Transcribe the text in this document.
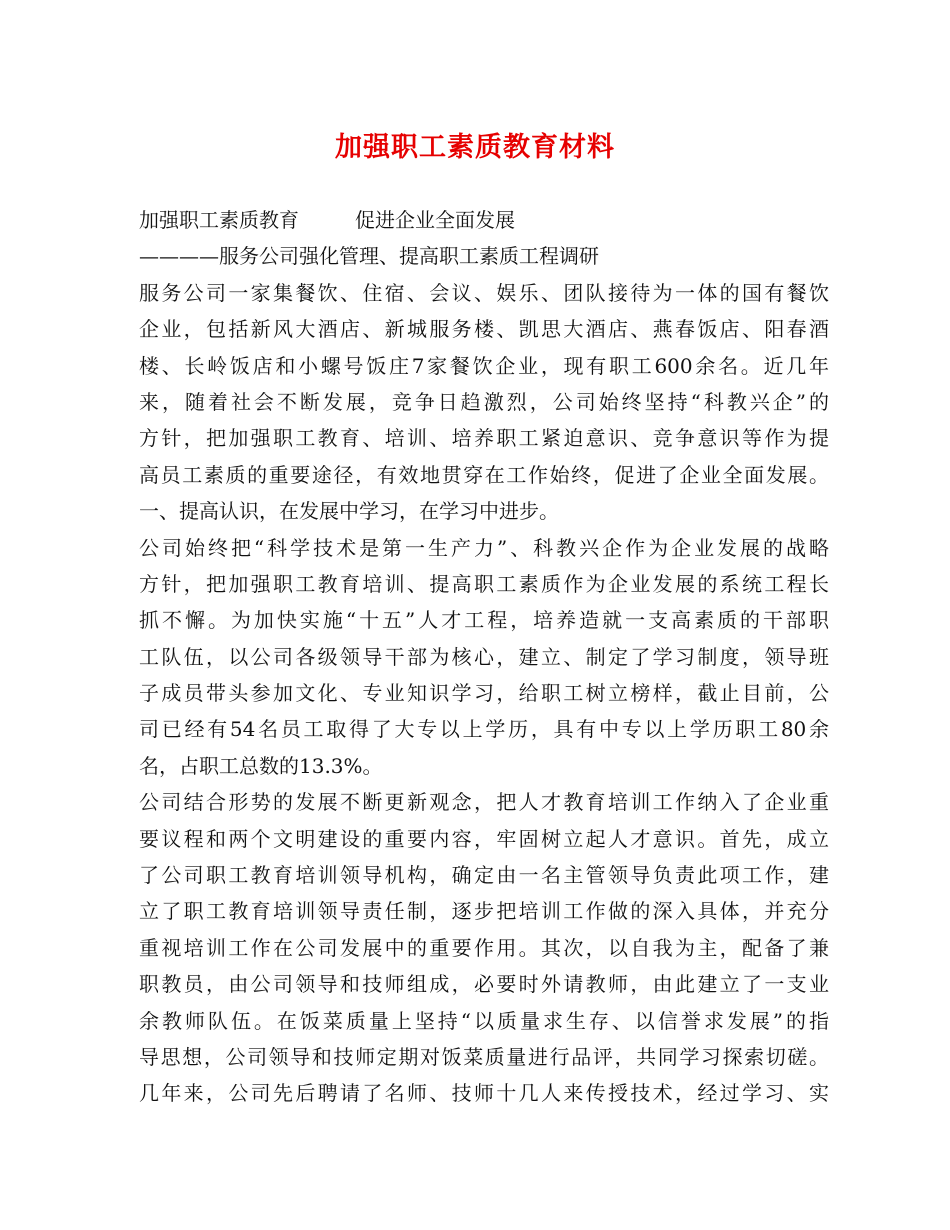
加强职工素质教育材料
加强职工素质教育	促进企业全面发展
————服务公司强化管理、提高职工素质工程调研
服务公司一家集餐饮、住宿、会议、娱乐、团队接待为一体的国有餐饮
企业，包括新风大酒店、新城服务楼、凯思大酒店、燕春饭店、阳春酒
楼、长岭饭店和小螺号饭庄7家餐饮企业，现有职工600余名。近几年
来，随着社会不断发展，竞争日趋激烈，公司始终坚持“科教兴企”的
方针，把加强职工教育、培训、培养职工紧迫意识、竞争意识等作为提
高员工素质的重要途径，有效地贯穿在工作始终，促进了企业全面发展。
一、提高认识，在发展中学习，在学习中进步。
公司始终把“科学技术是第一生产力”、科教兴企作为企业发展的战略
方针，把加强职工教育培训、提高职工素质作为企业发展的系统工程长
抓不懈。为加快实施“十五”人才工程，培养造就一支高素质的干部职
工队伍，以公司各级领导干部为核心，建立、制定了学习制度，领导班
子成员带头参加文化、专业知识学习，给职工树立榜样，截止目前，公
司已经有54名员工取得了大专以上学历，具有中专以上学历职工80余
名，占职工总数的13.3%。
公司结合形势的发展不断更新观念，把人才教育培训工作纳入了企业重
要议程和两个文明建设的重要内容，牢固树立起人才意识。首先，成立
了公司职工教育培训领导机构，确定由一名主管领导负责此项工作，建
立了职工教育培训领导责任制，逐步把培训工作做的深入具体，并充分
重视培训工作在公司发展中的重要作用。其次，以自我为主，配备了兼
职教员，由公司领导和技师组成，必要时外请教师，由此建立了一支业
余教师队伍。在饭菜质量上坚持“以质量求生存、以信誉求发展”的指
导思想，公司领导和技师定期对饭菜质量进行品评，共同学习探索切磋。
几年来，公司先后聘请了名师、技师十几人来传授技术，经过学习、实
